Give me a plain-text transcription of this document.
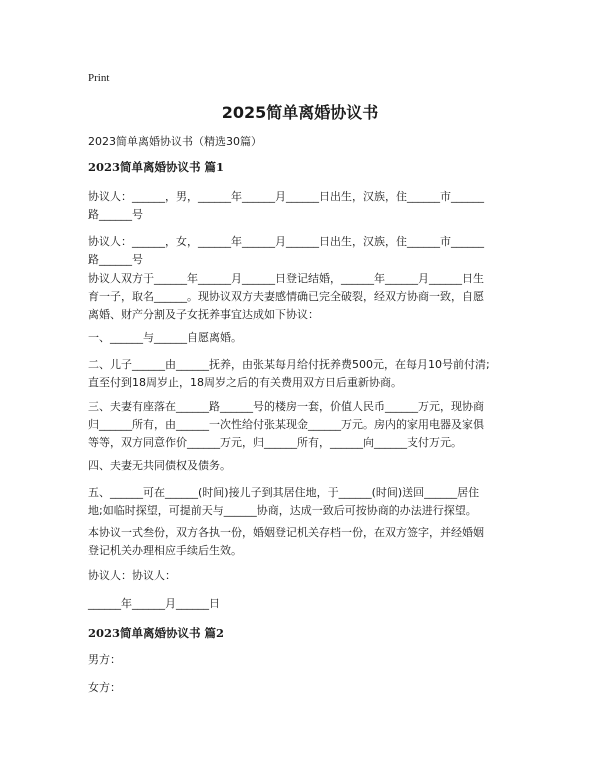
Print
2025简单离婚协议书
2023简单离婚协议书（精选30篇）
2023简单离婚协议书 篇1
协议人：______，男，______年______月______日出生，汉族，住______市______
路______号
协议人：______，女，______年______月______日出生，汉族，住______市______
路______号
协议人双方于______年______月______日登记结婚，______年______月______日生
育一子，取名______。现协议双方夫妻感情确已完全破裂，经双方协商一致，自愿
离婚、财产分割及子女抚养事宜达成如下协议：
一、______与______自愿离婚。
二、儿子______由______抚养，由张某每月给付抚养费500元，在每月10号前付清;
直至付到18周岁止，18周岁之后的有关费用双方日后重新协商。
三、夫妻有座落在______路______号的楼房一套，价值人民币______万元，现协商
归______所有，由______一次性给付张某现金______万元。房内的家用电器及家俱
等等，双方同意作价______万元，归______所有，______向______支付万元。
四、夫妻无共同债权及债务。
五、______可在______(时间)接儿子到其居住地，于______(时间)送回______居住
地;如临时探望，可提前天与______协商，达成一致后可按协商的办法进行探望。
本协议一式叁份，双方各执一份，婚姻登记机关存档一份，在双方签字，并经婚姻
登记机关办理相应手续后生效。
协议人：协议人：
______年______月______日
2023简单离婚协议书 篇2
男方：
女方：
